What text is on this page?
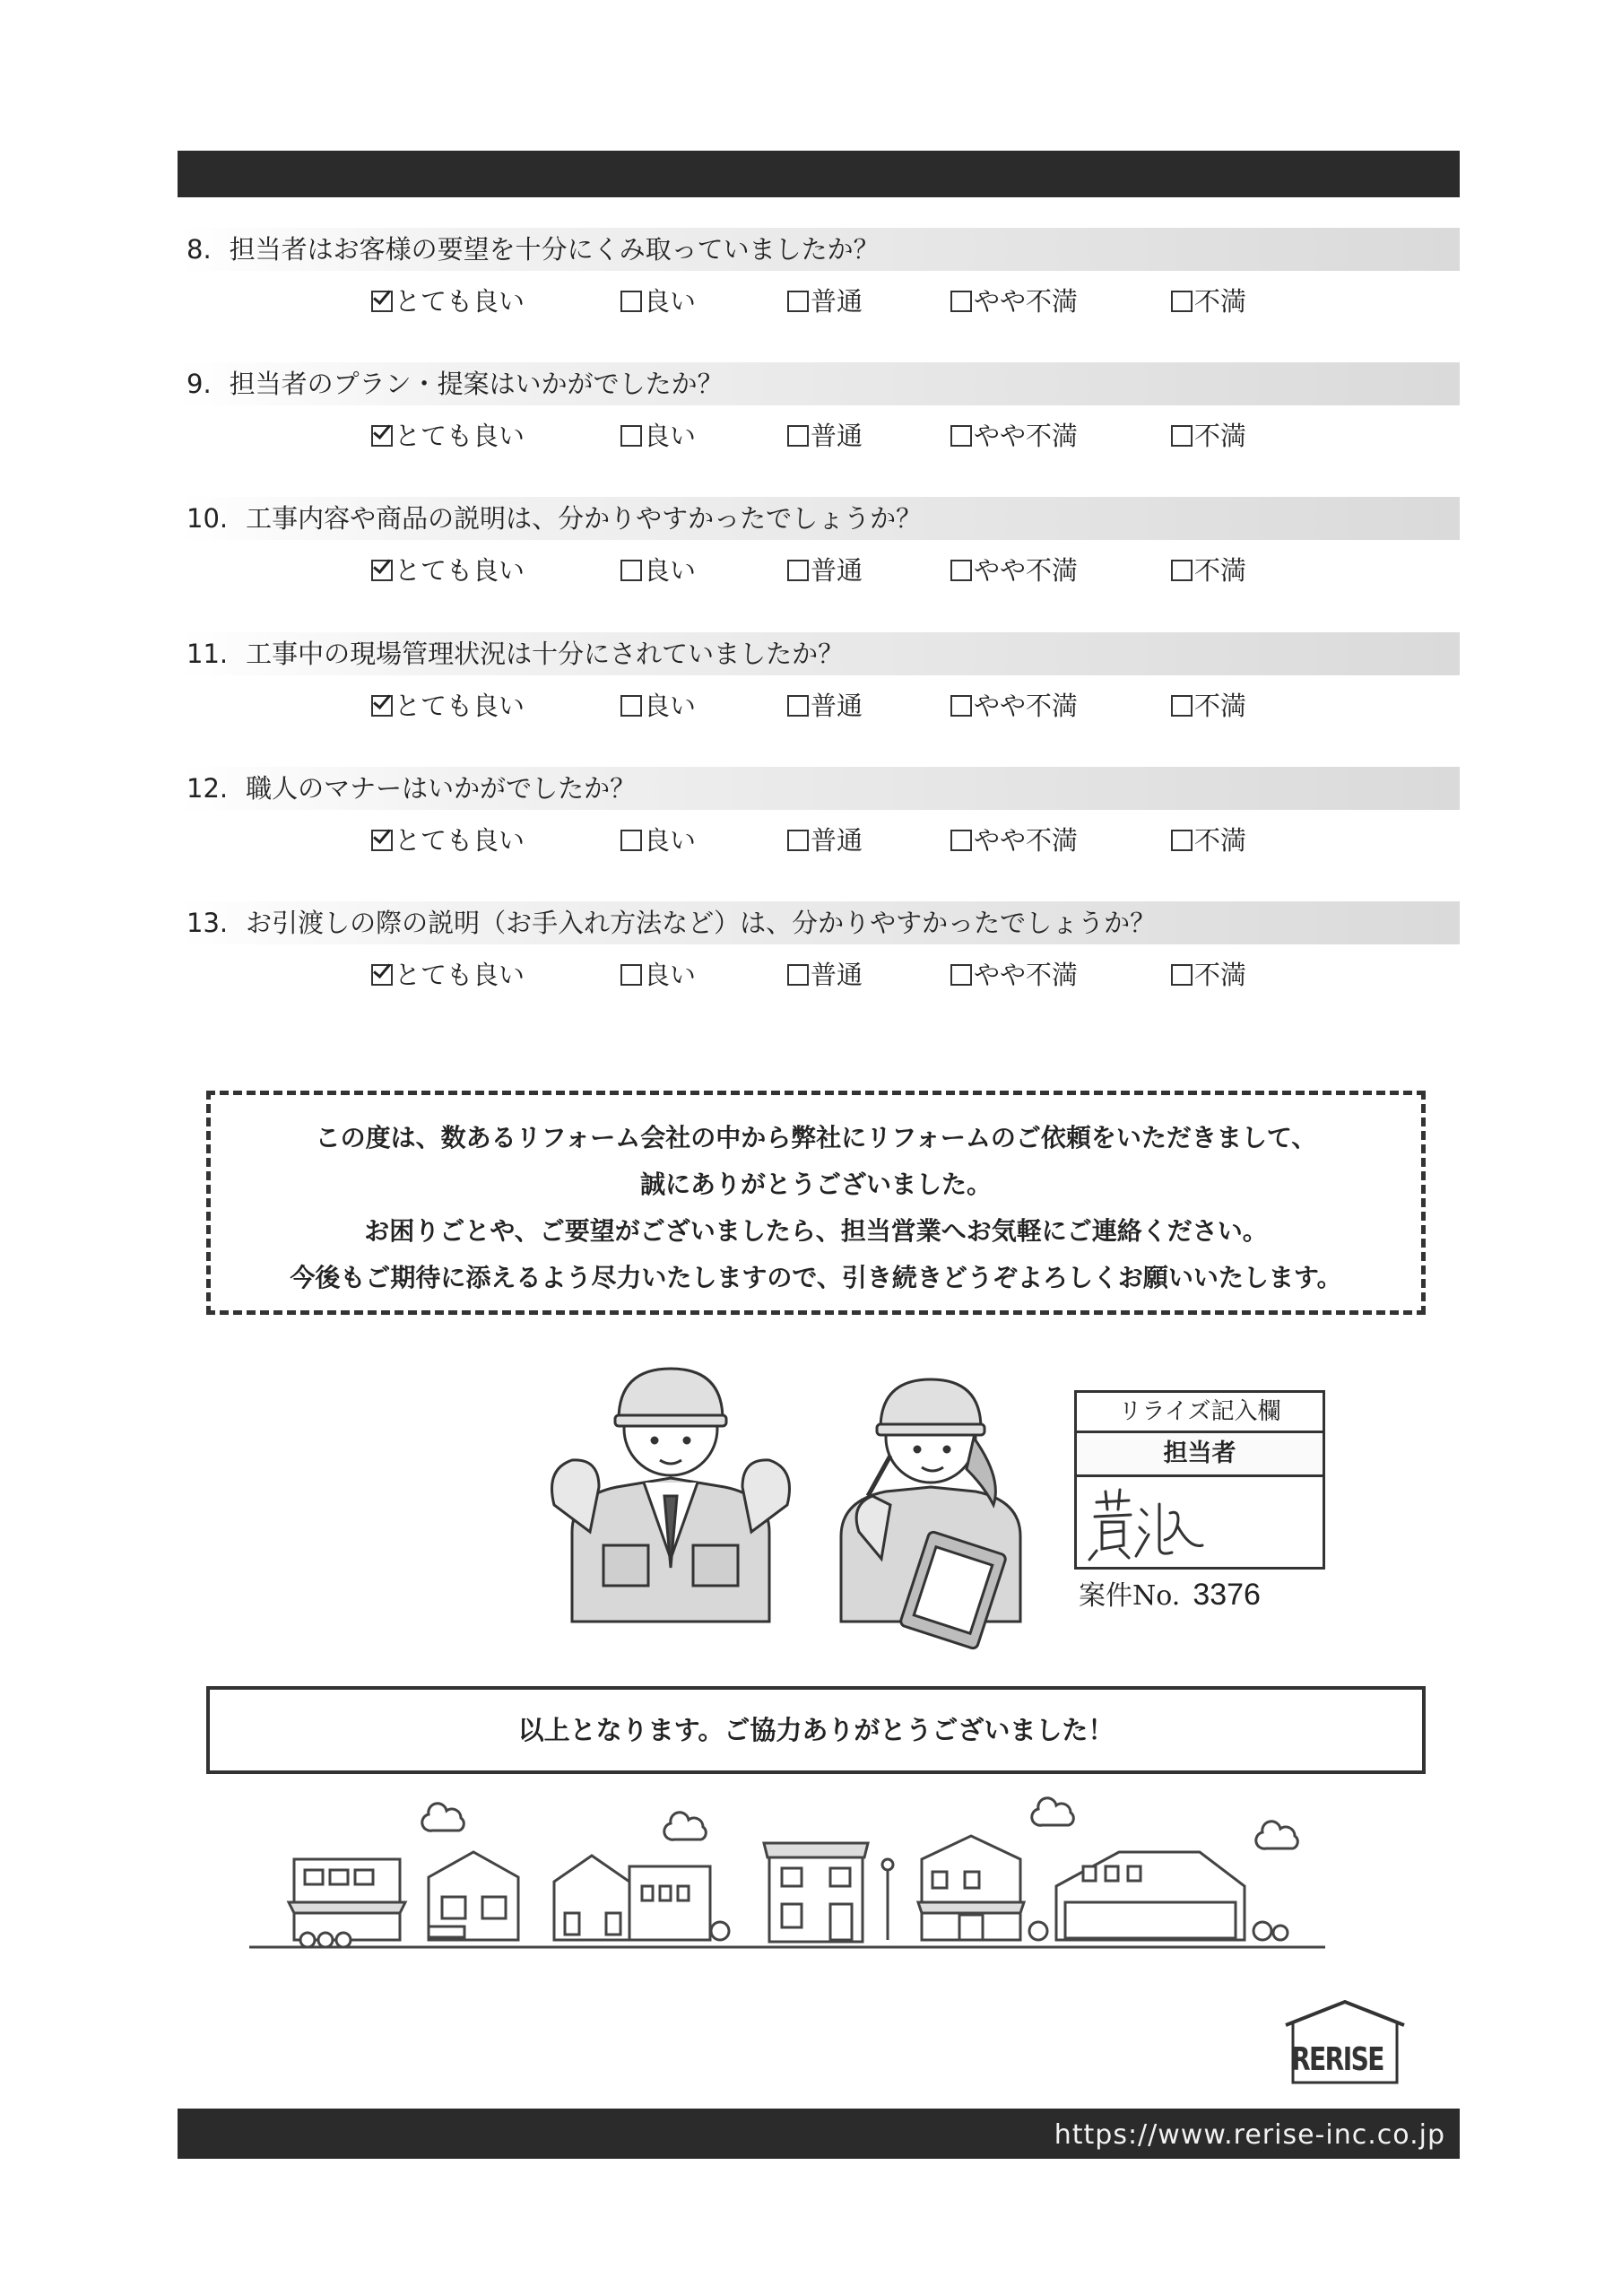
8. 担当者はお客様の要望を十分にくみ取っていましたか？
とても良い	良い	普通	やや不満	不満
9. 担当者のプラン・提案はいかがでしたか？
とても良い	良い	普通	やや不満	不満
10. 工事内容や商品の説明は、分かりやすかったでしょうか？
とても良い	良い	普通	やや不満	不満
11. 工事中の現場管理状況は十分にされていましたか？
とても良い	良い	普通	やや不満	不満
12. 職人のマナーはいかがでしたか？
とても良い	良い	普通	やや不満	不満
13. お引渡しの際の説明（お手入れ方法など）は、分かりやすかったでしょうか？
とても良い	良い	普通	やや不満	不満
この度は、数あるリフォーム会社の中から弊社にリフォームのご依頼をいただきまして、
誠にありがとうございました。
お困りごとや、ご要望がございましたら、担当営業へお気軽にご連絡ください。
今後もご期待に添えるよう尽力いたしますので、引き続きどうぞよろしくお願いいたします。
リライズ記入欄
担当者
案件No. 3376
以上となります。ご協力ありがとうございました！
RERISE
https://www.rerise-inc.co.jp
